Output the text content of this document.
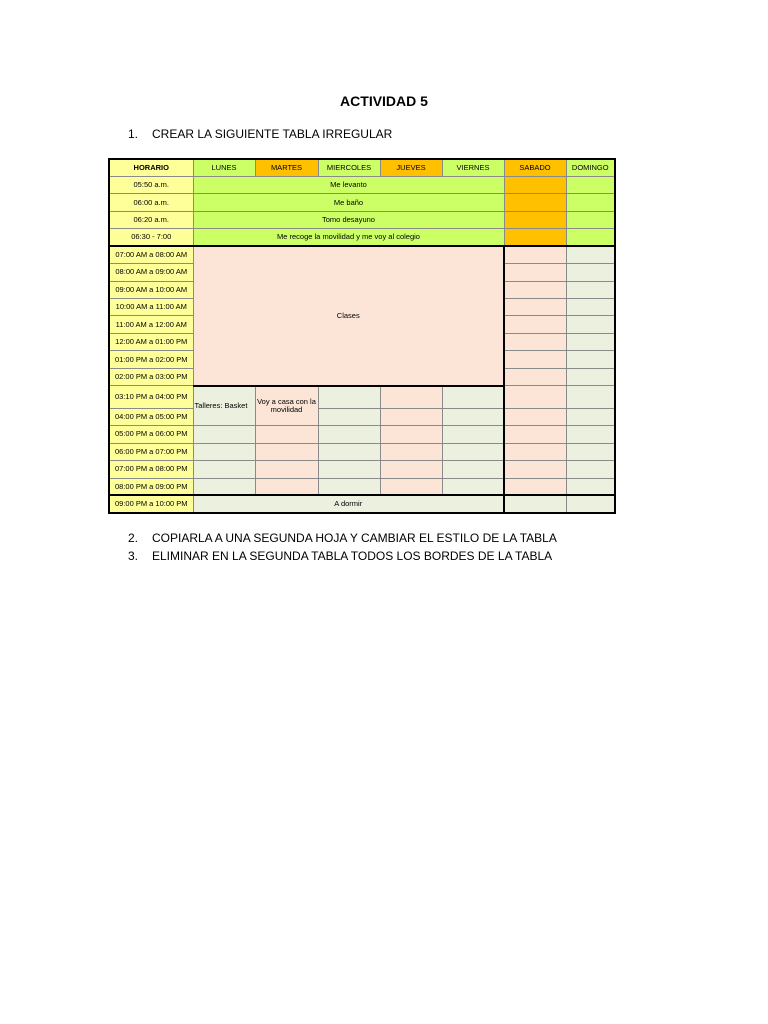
ACTIVIDAD 5
1. CREAR LA SIGUIENTE TABLA IRREGULAR
HORARIO	LUNES	MARTES	MIERCOLES	JUEVES	VIERNES	SABADO	DOMINGO
05:50 a.m.	Me levanto						
06:00 a.m.	Me baño						
06:20 a.m.	Tomo desayuno						
06:30 - 7:00	Me recoge la movilidad y me voy al colegio						
07:00 AM a 08:00 AM	Clases						
08:00 AM a 09:00 AM							
09:00 AM a 10:00 AM							
10:00 AM a 11:00 AM							
11:00 AM a 12:00 AM							
12:00 AM a 01:00 PM							
01:00 PM a 02:00 PM							
02:00 PM a 03:00 PM							
03:10 PM a 04:00 PM	Talleres: Basket	Voy a casa con la movilidad					
04:00 PM a 05:00 PM							
05:00 PM a 06:00 PM							
06:00 PM a 07:00 PM							
07:00 PM a 08:00 PM							
08:00 PM a 09:00 PM							
09:00 PM a 10:00 PM	A dormir						
2. COPIARLA A UNA SEGUNDA HOJA Y CAMBIAR EL ESTILO DE LA TABLA
3. ELIMINAR EN LA SEGUNDA TABLA TODOS LOS BORDES DE LA TABLA
